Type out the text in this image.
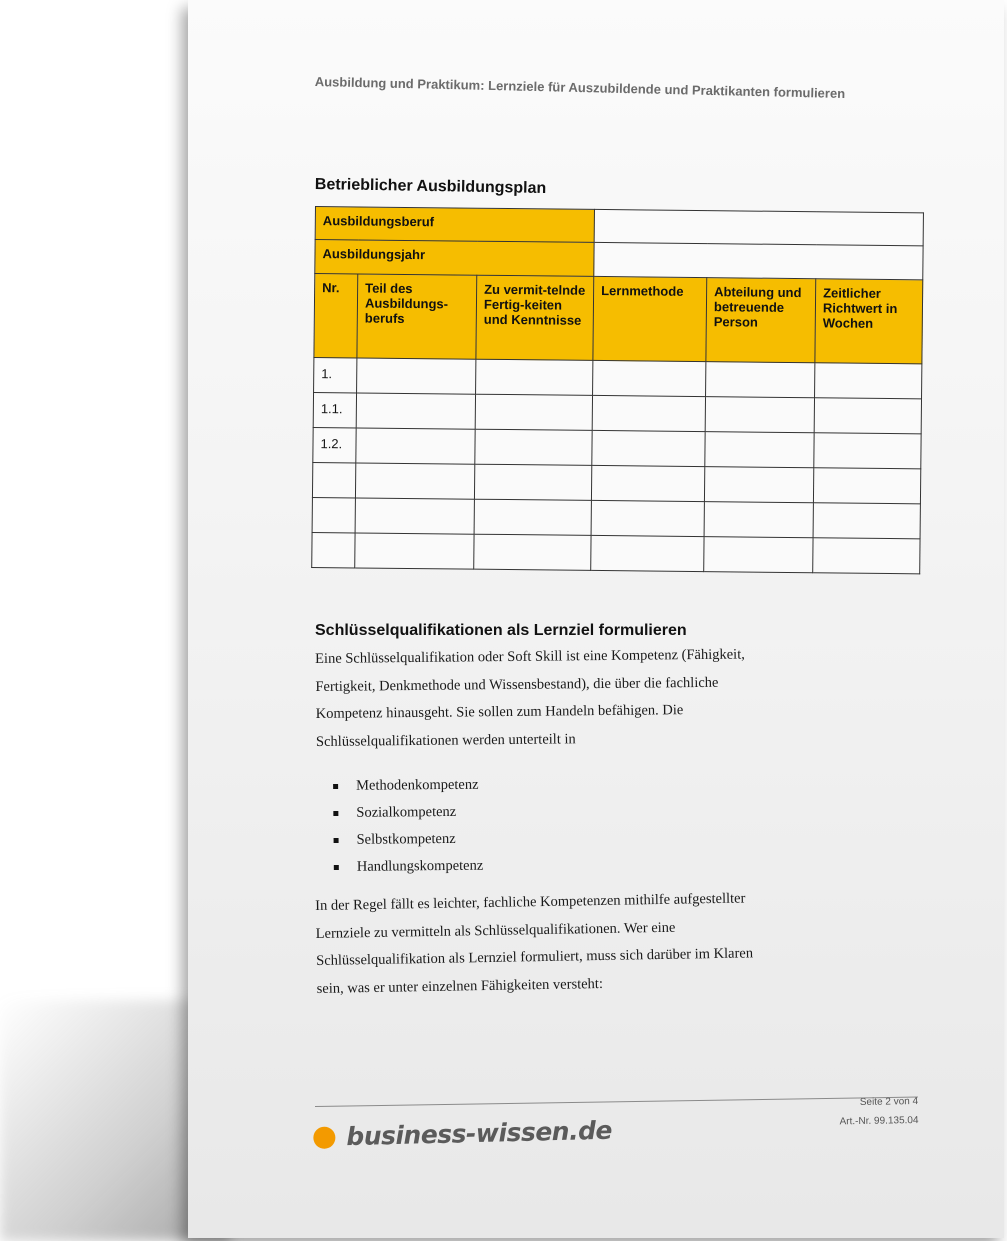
Ausbildung und Praktikum: Lernziele für Auszubildende und Praktikanten formulieren
Betrieblicher Ausbildungsplan
Ausbildungsberuf					
Ausbildungsjahr					
Nr.	Teil des Ausbildungs-berufs	Zu vermit-telnde Fertig-keiten und Kenntnisse	Lernmethode	Abteilung und betreuende Person	Zeitlicher Richtwert in Wochen
1.					
1.1.					
1.2.					

Schlüsselqualifikationen als Lernziel formulieren
Eine Schlüsselqualifikation oder Soft Skill ist eine Kompetenz (Fähigkeit,
Fertigkeit, Denkmethode und Wissensbestand), die über die fachliche
Kompetenz hinausgeht. Sie sollen zum Handeln befähigen. Die
Schlüsselqualifikationen werden unterteilt in
Methodenkompetenz
Sozialkompetenz
Selbstkompetenz
Handlungskompetenz
In der Regel fällt es leichter, fachliche Kompetenzen mithilfe aufgestellter
Lernziele zu vermitteln als Schlüsselqualifikationen. Wer eine
Schlüsselqualifikation als Lernziel formuliert, muss sich darüber im Klaren
sein, was er unter einzelnen Fähigkeiten versteht:
Seite 2 von 4
Art.-Nr. 99.135.04
business-wissen.de
